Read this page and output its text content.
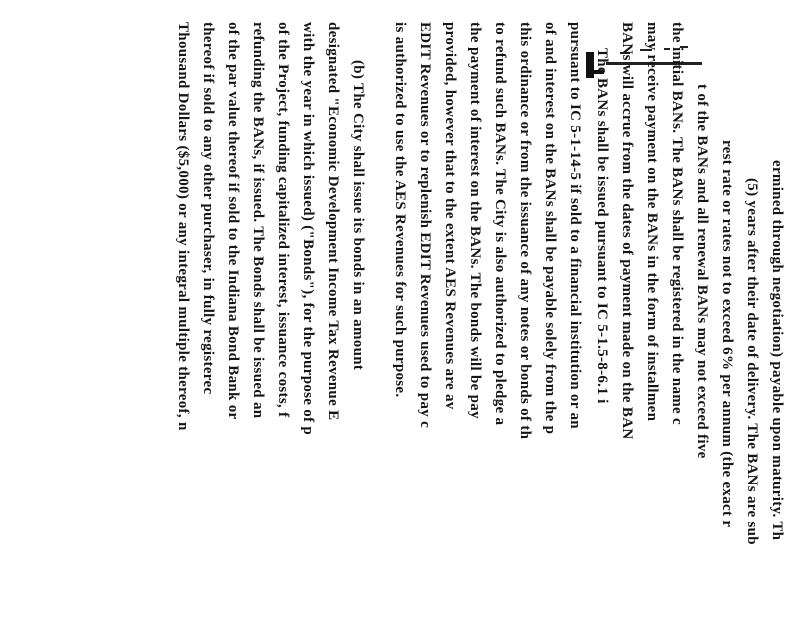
ermined through negotiation) payable upon maturity. Th
(5) years after their date of delivery. The BANs are sub
rest rate or rates not to exceed 6% per annum (the exact r
t of the BANs and all renewal BANs may not exceed five
the initial BANs. The BANs shall be registered in the name c
may receive payment on the BANs in the form of installmen
BANs will accrue from the dates of payment made on the BAN
The BANs shall be issued pursuant to IC 5-1.5-8-6.1 i
pursuant to IC 5-1-14-5 if sold to a financial institution or an
of and interest on the BANs shall be payable solely from the p
this ordinance or from the issuance of any notes or bonds of th
to refund such BANs. The City is also authorized to pledge a
the payment of interest on the BANs. The bonds will be pay
provided, however that to the extent AES Revenues are av
EDIT Revenues or to replenish EDIT Revenues used to pay c
is authorized to use the AES Revenues for such purpose.
(b) The City shall issue its bonds in an amount
designated "Economic Development Income Tax Revenue E
with the year in which issued) ("Bonds"), for the purpose of p
of the Project, funding capitalized interest, issuance costs, f
refunding the BANs, if issued. The Bonds shall be issued an
of the par value thereof if sold to the Indiana Bond Bank or
thereof if sold to any other purchaser, in fully registerec
Thousand Dollars ($5,000) or any integral multiple thereof, n
